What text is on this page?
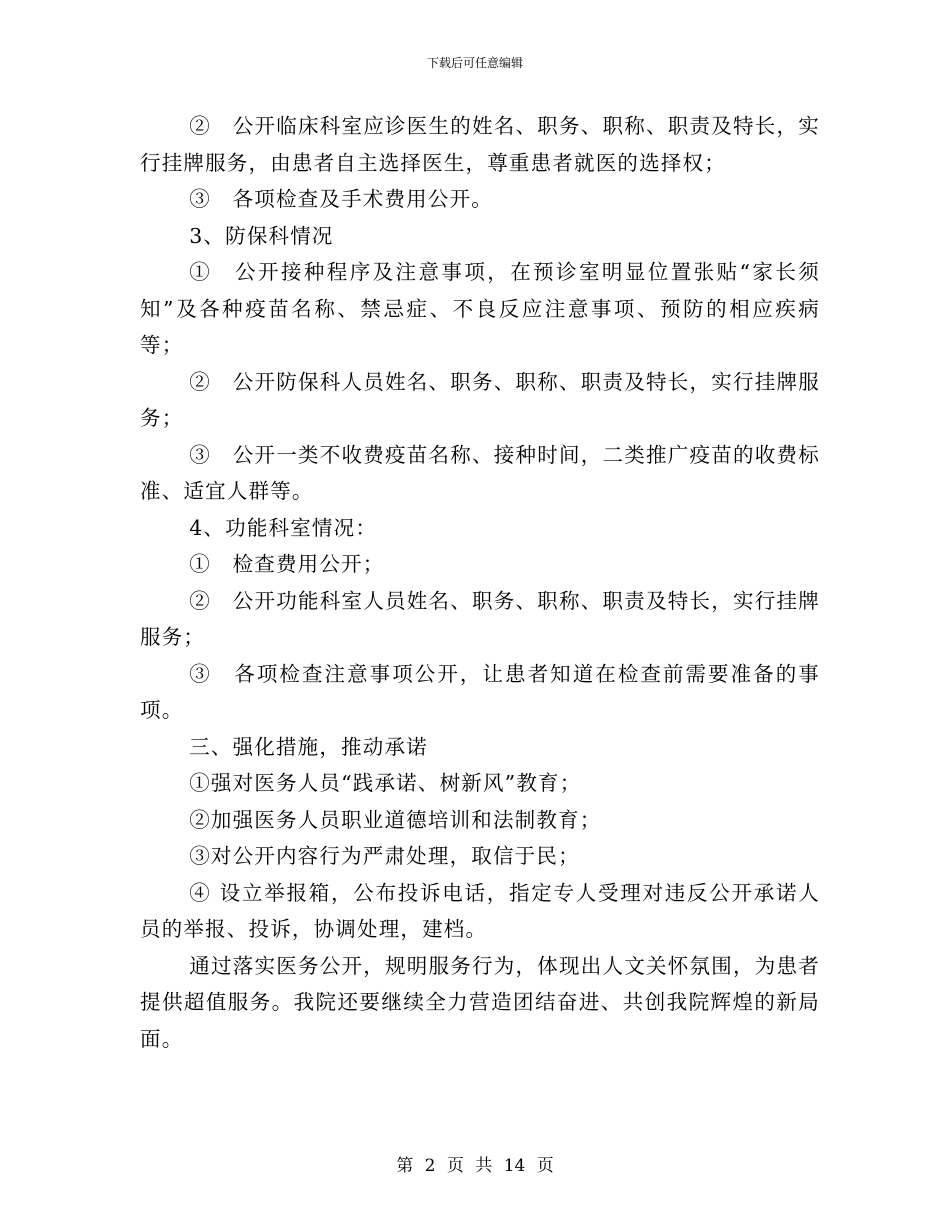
下载后可任意编辑

②　公开临床科室应诊医生的姓名、职务、职称、职责及特长，实行挂牌服务，由患者自主选择医生，尊重患者就医的选择权；

③　各项检查及手术费用公开。

3、防保科情况

①　公开接种程序及注意事项，在预诊室明显位置张贴“家长须知”及各种疫苗名称、禁忌症、不良反应注意事项、预防的相应疾病等；

②　公开防保科人员姓名、职务、职称、职责及特长，实行挂牌服务；

③　公开一类不收费疫苗名称、接种时间，二类推广疫苗的收费标准、适宜人群等。

4、功能科室情况：

①　检查费用公开；

②　公开功能科室人员姓名、职务、职称、职责及特长，实行挂牌服务；

③　各项检查注意事项公开，让患者知道在检查前需要准备的事项。

三、强化措施，推动承诺

①强对医务人员“践承诺、树新风”教育；

②加强医务人员职业道德培训和法制教育；

③对公开内容行为严肃处理，取信于民；

④ 设立举报箱，公布投诉电话，指定专人受理对违反公开承诺人员的举报、投诉，协调处理，建档。

通过落实医务公开，规明服务行为，体现出人文关怀氛围，为患者提供超值服务。我院还要继续全力营造团结奋进、共创我院辉煌的新局面。

第 2 页 共 14 页
